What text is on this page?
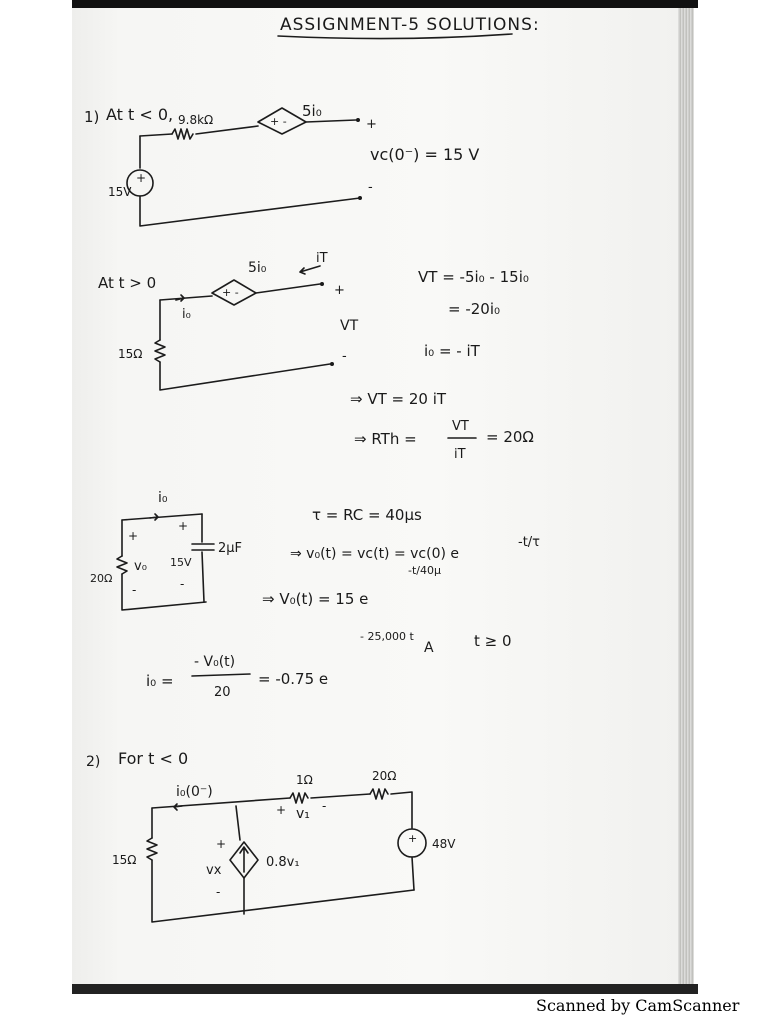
ASSIGNMENT-5 SOLUTIONS:
1) At t < 0,	+ -
+
9.8kΩ	5i₀
15V
+
-
vc(0⁻) = 15 V
At t > 0
+ -
5i₀
iT
i₀
15Ω
+
VT
-
VT = -5i₀ - 15i₀
= -20i₀
i₀ = - iT
⇒ VT = 20 iT
⇒ RTh =
VT
iT
= 20Ω
i₀
+
+
v₀
20Ω
-	-
15V
2μF
τ = RC = 40μs
⇒ v₀(t) = vc(t) = vc(0) e
-t/τ
⇒ V₀(t) = 15 e
-t/40μ
i₀ =
- V₀(t)
20
= -0.75 e
- 25,000 t
A	t ≥ 0
2) For t < 0
+
i₀(0⁻)
1Ω	20Ω
+ v₁ -
15Ω
+
vx
-
0.8v₁
48V
Scanned by CamScanner
